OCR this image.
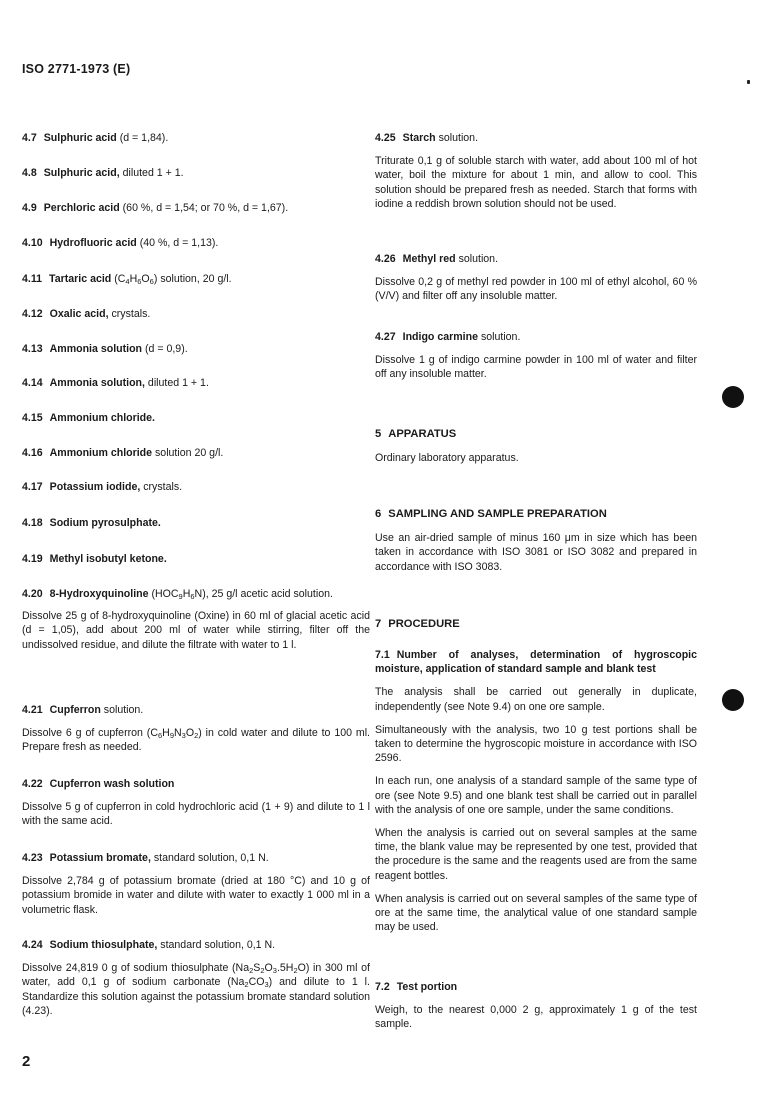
ISO 2771-1973 (E)
4.7 Sulphuric acid (d = 1,84).
4.8 Sulphuric acid, diluted 1 + 1.
4.9 Perchloric acid (60 %, d = 1,54; or 70 %, d = 1,67).
4.10 Hydrofluoric acid (40 %, d = 1,13).
4.11 Tartaric acid $(C_4H_6O_6)$ solution, 20 g/l.
4.12 Oxalic acid, crystals.
4.13 Ammonia solution (d = 0,9).
4.14 Ammonia solution, diluted 1 + 1.
4.15 Ammonium chloride.
4.16 Ammonium chloride solution 20 g/l.
4.17 Potassium iodide, crystals.
4.18 Sodium pyrosulphate.
4.19 Methyl isobutyl ketone.

4.20 8-Hydroxyquinoline $(HOC_9H_6N)$, 25 g/l acetic acid solution.

Dissolve 25 g of 8-hydroxyquinoline (Oxine) in 60 ml of glacial acetic acid (d = 1,05), add about 200 ml of water while stirring, filter off the undissolved residue, and dilute the filtrate with water to 1 l.

4.21 Cupferron solution.

Dissolve 6 g of cupferron $(C_6H_9N_3O_2)$ in cold water and dilute to 100 ml. Prepare fresh as needed.

4.22 Cupferron wash solution

Dissolve 5 g of cupferron in cold hydrochloric acid (1 + 9) and dilute to 1 l with the same acid.

4.23 Potassium bromate, standard solution, 0,1 N.

Dissolve 2,784 g of potassium bromate (dried at 180 °C) and 10 g of potassium bromide in water and dilute with water to exactly 1 000 ml in a volumetric flask.

4.24 Sodium thiosulphate, standard solution, 0,1 N.

Dissolve 24,819 0 g of sodium thiosulphate $(Na_2S_2O_3.5H_2O)$ in 300 ml of water, add 0,1 g of sodium carbonate $(Na_2CO_3)$ and dilute to 1 l. Standardize this solution against the potassium bromate standard solution (4.23).

4.25 Starch solution.

Triturate 0,1 g of soluble starch with water, add about 100 ml of hot water, boil the mixture for about 1 min, and allow to cool. This solution should be prepared fresh as needed. Starch that forms with iodine a reddish brown solution should not be used.

4.26 Methyl red solution.

Dissolve 0,2 g of methyl red powder in 100 ml of ethyl alcohol, 60 % (V/V) and filter off any insoluble matter.

4.27 Indigo carmine solution.

Dissolve 1 g of indigo carmine powder in 100 ml of water and filter off any insoluble matter.

5 APPARATUS

Ordinary laboratory apparatus.

6 SAMPLING AND SAMPLE PREPARATION

Use an air-dried sample of minus 160 μm in size which has been taken in accordance with ISO 3081 or ISO 3082 and prepared in accordance with ISO 3083.

7 PROCEDURE

7.1 Number of analyses, determination of hygroscopic moisture, application of standard sample and blank test

The analysis shall be carried out generally in duplicate, independently (see Note 9.4) on one ore sample.

Simultaneously with the analysis, two 10 g test portions shall be taken to determine the hygroscopic moisture in accordance with ISO 2596.

In each run, one analysis of a standard sample of the same type of ore (see Note 9.5) and one blank test shall be carried out in parallel with the analysis of one ore sample, under the same conditions.

When the analysis is carried out on several samples at the same time, the blank value may be represented by one test, provided that the procedure is the same and the reagents used are from the same reagent bottles.

When analysis is carried out on several samples of the same type of ore at the same time, the analytical value of one standard sample may be used.

7.2 Test portion

Weigh, to the nearest 0,000 2 g, approximately 1 g of the test sample.

2
